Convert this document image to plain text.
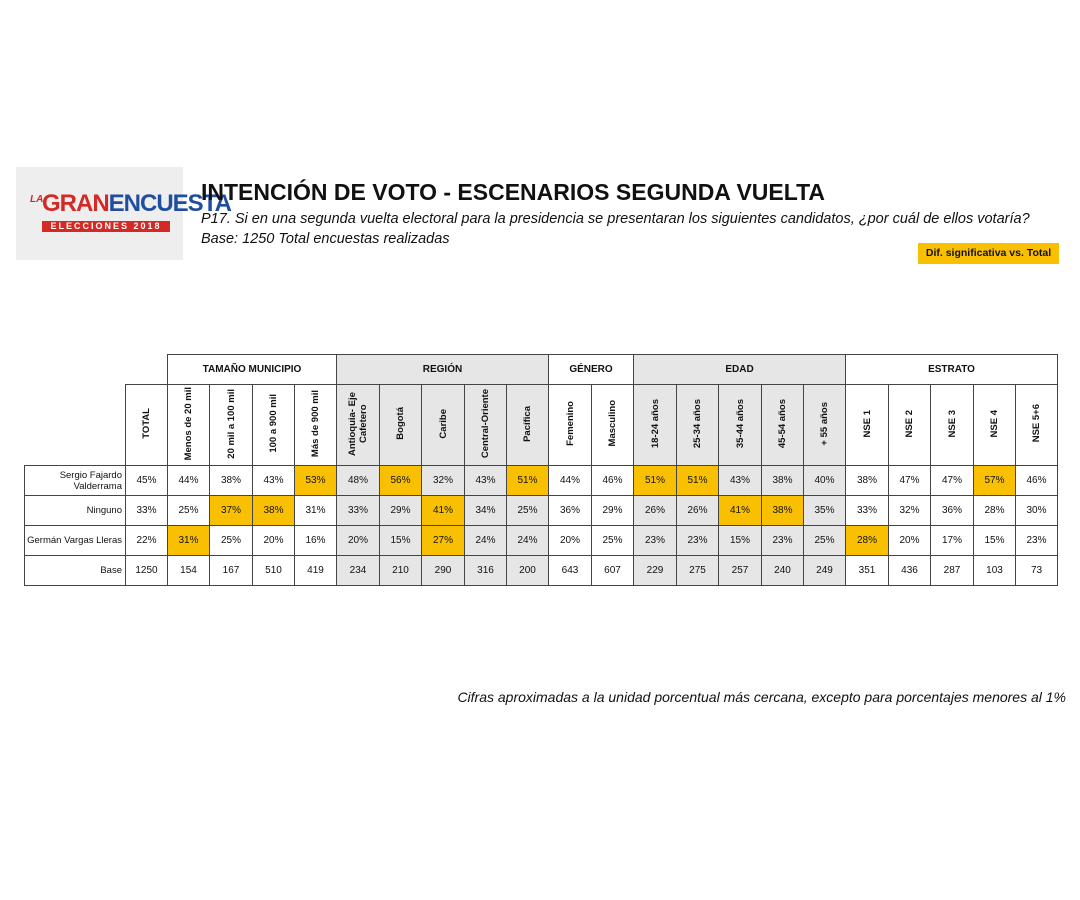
LA
GRANENCUESTA
ELECCIONES 2018
INTENCIÓN DE VOTO - ESCENARIOS SEGUNDA VUELTA
P17. Si en una segunda vuelta electoral para la presidencia se presentaran los siguientes candidatos, ¿por cuál de ellos votaría?
Base: 1250 Total encuestas realizadas
Dif. significativa vs. Total
		TAMAÑO MUNICIPIO				REGIÓN					GÉNERO		EDAD					ESTRATO				
	TOTAL	Menos de 20 mil	20 mil a 100 mil	100 a 900 mil	Más de 900 mil	Antioquia- Eje Cafetero	Bogotá	Caribe	Central-Oriente	Pacífica	Femenino	Masculino	18-24 años	25-34 años	35-44 años	45-54 años	+ 55 años	NSE 1	NSE 2	NSE 3	NSE 4	NSE 5+6
Sergio Fajardo Valderrama	45%	44%	38%	43%	53%	48%	56%	32%	43%	51%	44%	46%	51%	51%	43%	38%	40%	38%	47%	47%	57%	46%
Ninguno	33%	25%	37%	38%	31%	33%	29%	41%	34%	25%	36%	29%	26%	26%	41%	38%	35%	33%	32%	36%	28%	30%
Germán Vargas Lleras	22%	31%	25%	20%	16%	20%	15%	27%	24%	24%	20%	25%	23%	23%	15%	23%	25%	28%	20%	17%	15%	23%
Base	1250	154	167	510	419	234	210	290	316	200	643	607	229	275	257	240	249	351	436	287	103	73
Cifras aproximadas a la unidad porcentual más cercana, excepto para porcentajes menores al 1%
